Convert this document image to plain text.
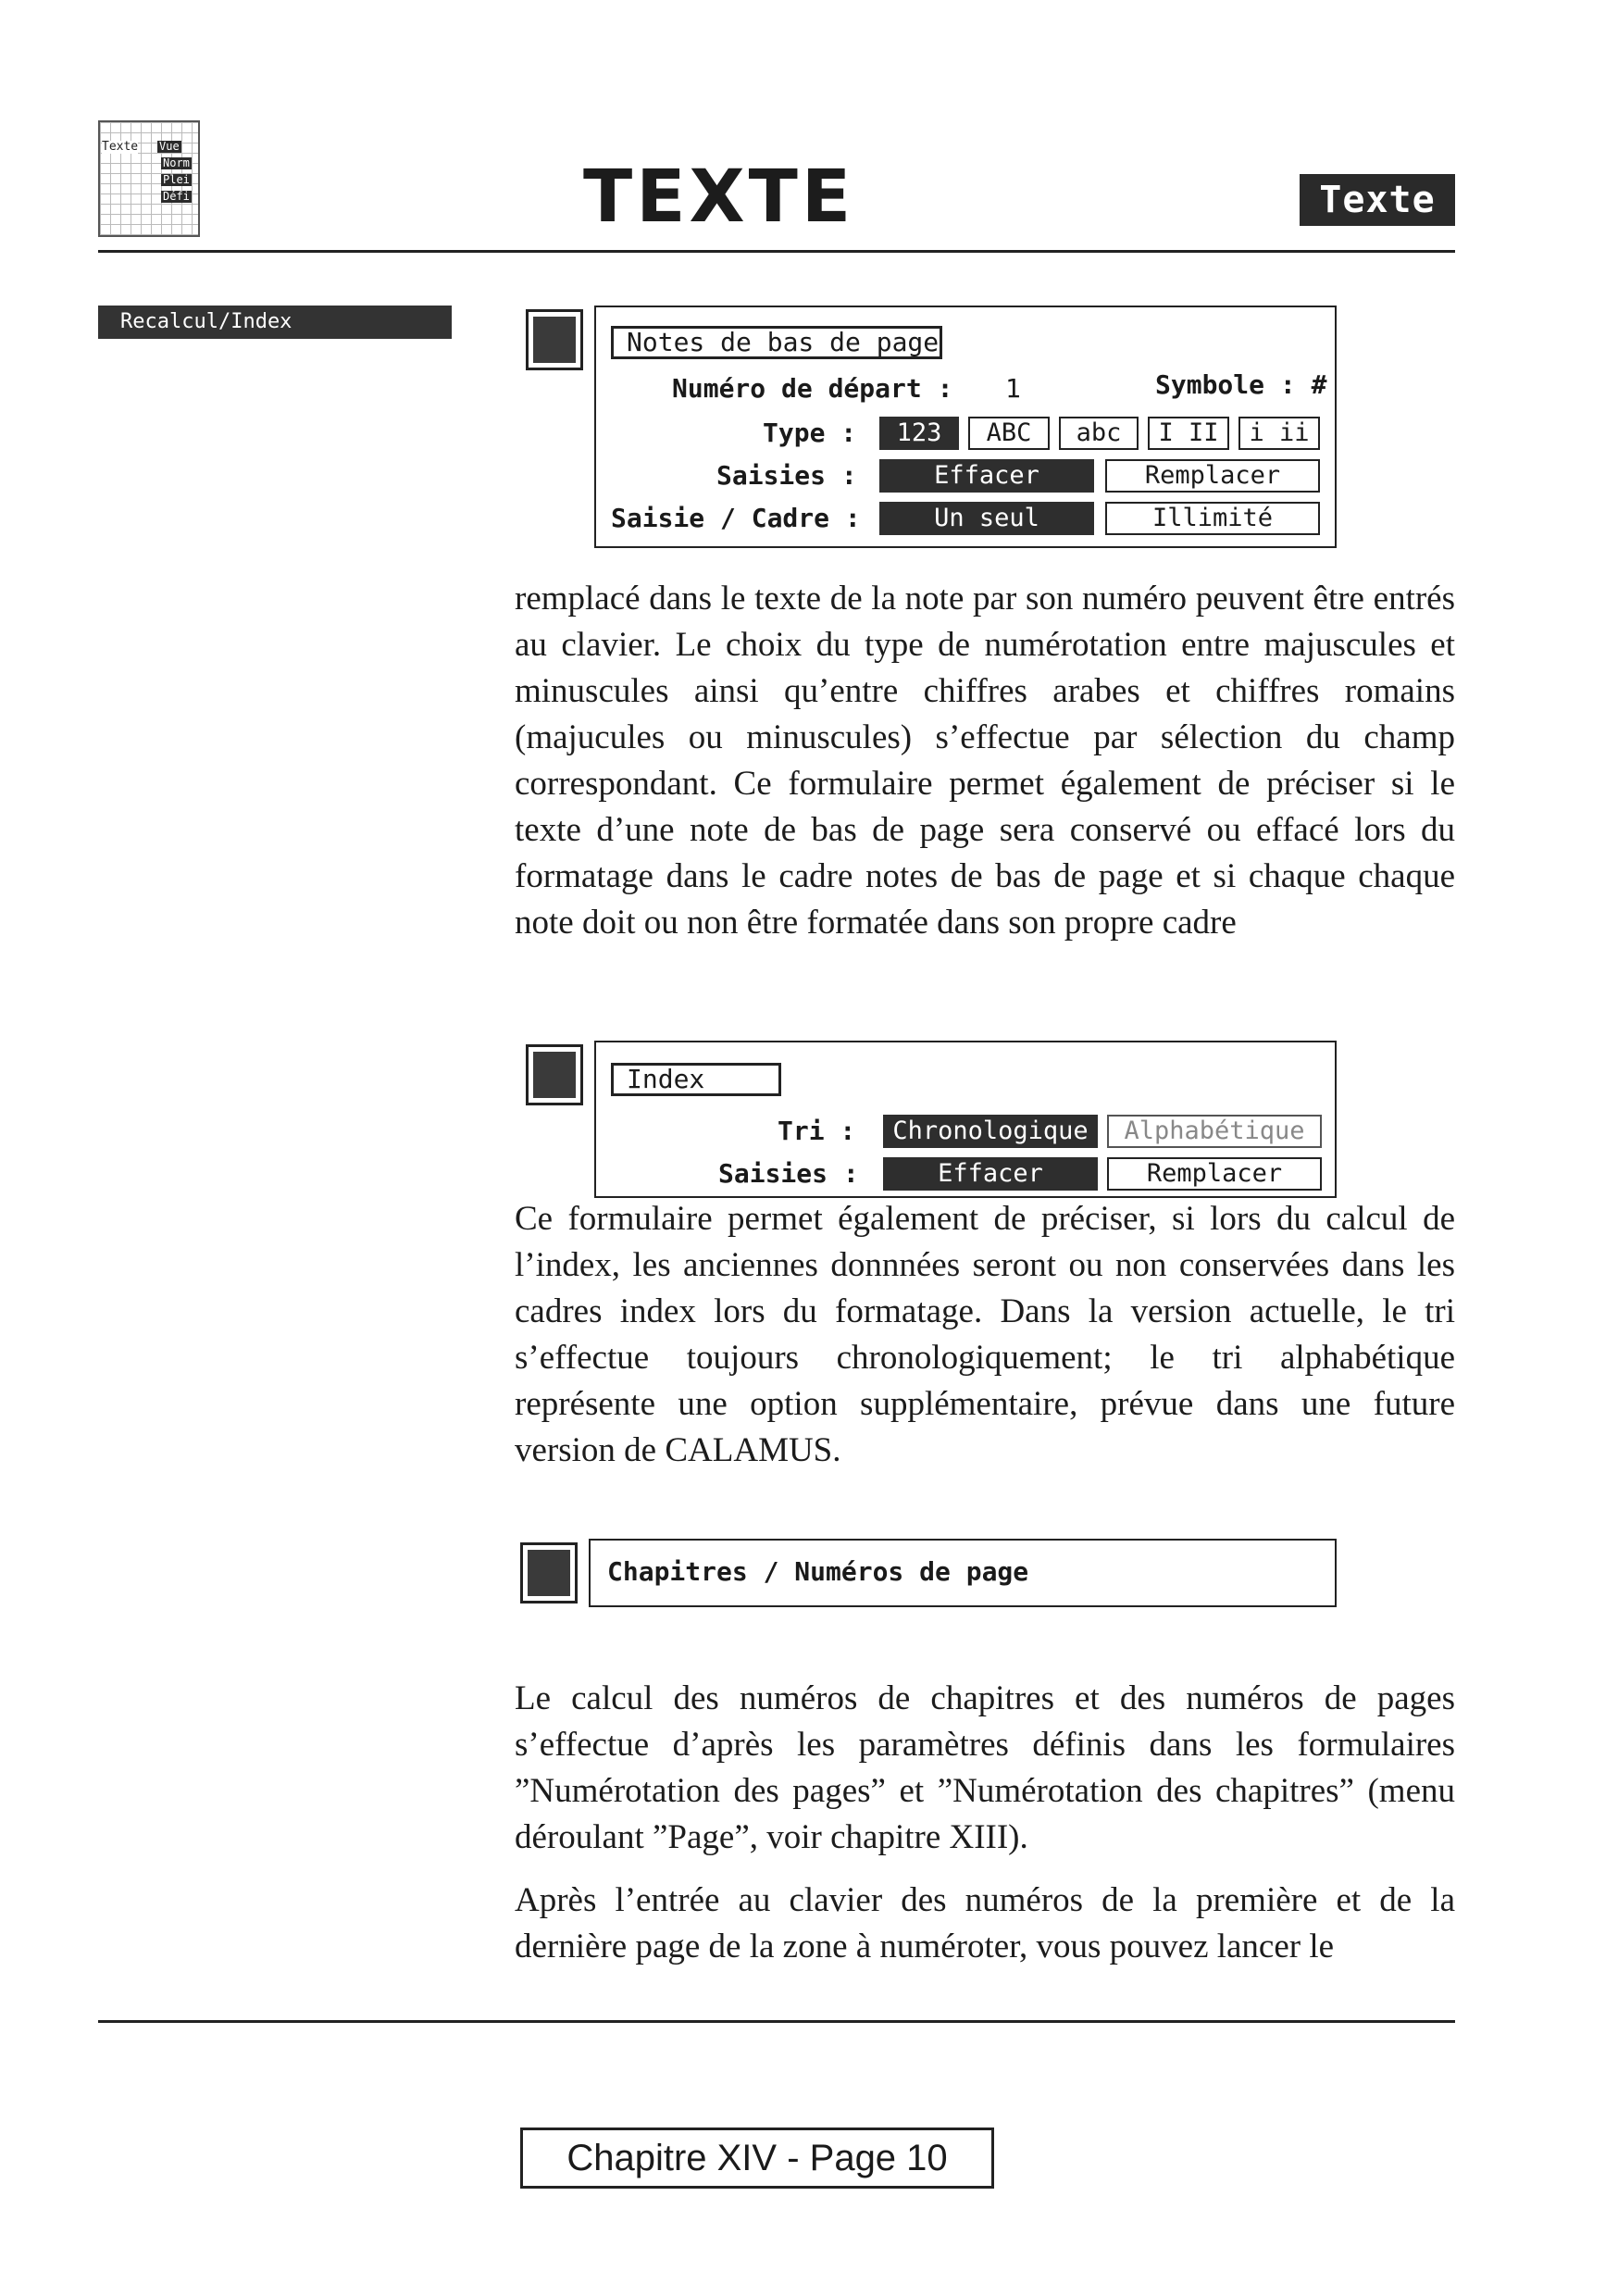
Texte Vue
Norm
Plei
Défi	TEXTE	Texte
Recalcul/Index
Notes de bas de page
Numéro de départ : 1	Symbole : #
Type :	123	ABC	abc	I II	i ii
Saisies :	Effacer	Remplacer
Saisie / Cadre :	Un seul	Illimité
remplacé dans le texte de la note par son numéro peuvent être entrés au clavier. Le choix du type de numérotation entre majuscules et minuscules ainsi qu’entre chiffres arabes et chiffres romains (majucules ou minuscules) s’effectue par sélection du champ correspondant. Ce formulaire permet également de préciser si le texte d’une note de bas de page sera conservé ou effacé lors du formatage dans le cadre notes de bas de page et si chaque chaque note doit ou non être formatée dans son propre cadre
Index
Tri :	Chronologique	Alphabétique
Saisies :	Effacer	Remplacer
Ce formulaire permet également de préciser, si lors du calcul de l’index, les anciennes donnnées seront ou non conservées dans les cadres index lors du formatage. Dans la version actuelle, le tri s’effectue toujours chronologiquement; le tri alphabétique représente une option supplémentaire, prévue dans une future version de CALAMUS.
Chapitres / Numéros de page
Le calcul des numéros de chapitres et des numéros de pages s’effectue d’après les paramètres définis dans les formulaires ”Numérotation des pages” et ”Numérotation des chapitres” (menu déroulant ”Page”, voir chapitre XIII).
Après l’entrée au clavier des numéros de la première et de la dernière page de la zone à numéroter, vous pouvez lancer le
Chapitre XIV - Page 10
